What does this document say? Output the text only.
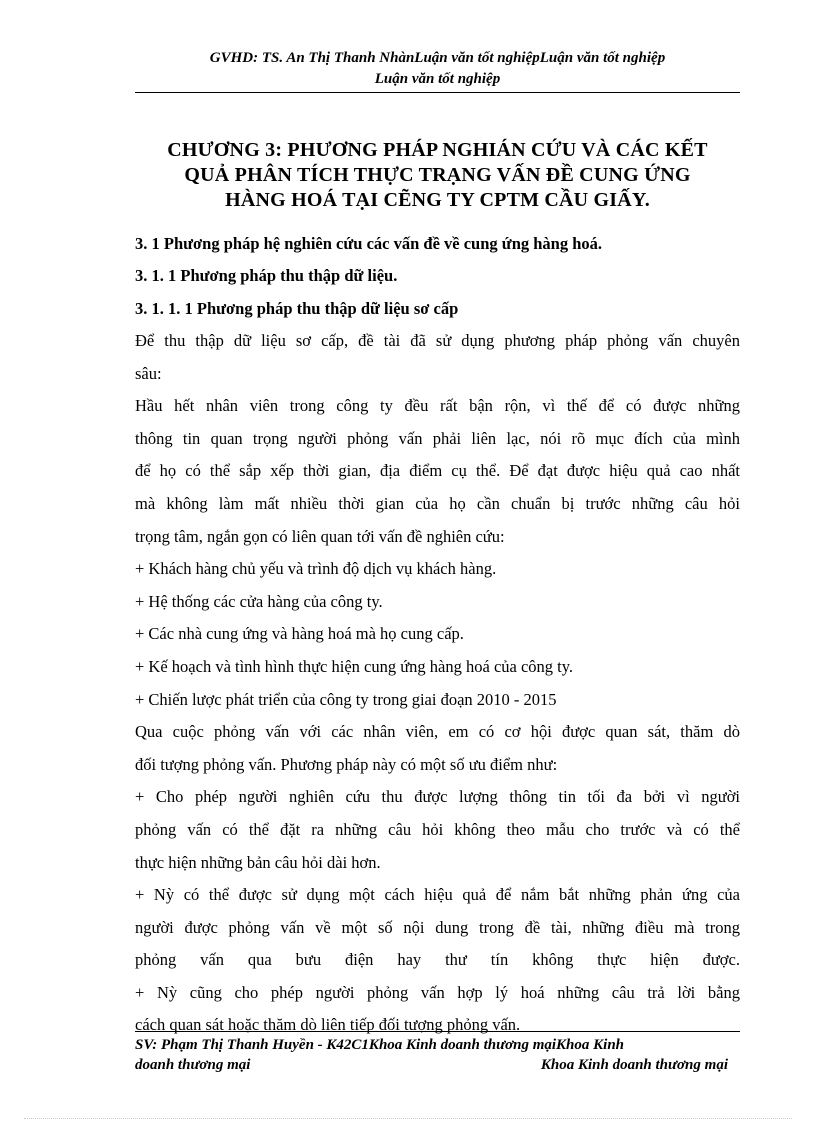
GVHD: TS. An Thị Thanh NhànLuận văn tốt nghiệpLuận văn tốt nghiệp
Luận văn tốt nghiệp
CHƯƠNG 3: PHƯƠNG PHÁP NGHIÁN CỨU VÀ CÁC KẾT
QUẢ PHÂN TÍCH THỰC TRẠNG VẤN ĐỀ CUNG ỨNG
HÀNG HOÁ TẠI CẼNG TY CPTM CẦU GIẤY.
3. 1 Phương pháp hệ nghiên cứu các vấn đề về cung ứng hàng hoá.
3. 1. 1 Phương pháp thu thập dữ liệu.
3. 1. 1. 1 Phương pháp thu thập dữ liệu sơ cấp
Để thu thập dữ liệu sơ cấp, đề tài đã sử dụng phương pháp phỏng vấn chuyên
sâu:
Hầu hết nhân viên trong công ty đều rất bận rộn, vì thế để có được những
thông tin quan trọng người phỏng vấn phải liên lạc, nói rõ mục đích của mình
để họ có thể sắp xếp thời gian, địa điểm cụ thể. Để đạt được hiệu quả cao nhất
mà không làm mất nhiều thời gian của họ cần chuẩn bị trước những câu hỏi
trọng tâm, ngắn gọn có liên quan tới vấn đề nghiên cứu:
+ Khách hàng chủ yếu và trình độ dịch vụ khách hàng.
+ Hệ thống các cửa hàng của công ty.
+ Các nhà cung ứng và hàng hoá mà họ cung cấp.
+ Kế hoạch và tình hình thực hiện cung ứng hàng hoá của công ty.
+ Chiến lược phát triển của công ty trong giai đoạn 2010 - 2015
Qua cuộc phỏng vấn với các nhân viên, em có cơ hội được quan sát, thăm dò
đối tượng phỏng vấn. Phương pháp này có một số ưu điểm như:
+ Cho phép người nghiên cứu thu được lượng thông tin tối đa bởi vì người
phỏng vấn có thể đặt ra những câu hỏi không theo mẫu cho trước và có thể
thực hiện những bản câu hỏi dài hơn.
+ Nỳ có thể được sử dụng một cách hiệu quả để nắm bắt những phản ứng của
người được phỏng vấn về một số nội dung trong đề tài, những điều mà trong
phỏng vấn qua bưu điện hay thư tín không thực hiện được.
+ Nỳ cũng cho phép người phỏng vấn hợp lý hoá những câu trả lời bằng
cách quan sát hoặc thăm dò liên tiếp đối tượng phỏng vấn.
SV: Phạm Thị Thanh Huyền - K42C1Khoa Kinh doanh thương mạiKhoa Kinh
doanh thương mại	Khoa Kinh doanh thương mại
